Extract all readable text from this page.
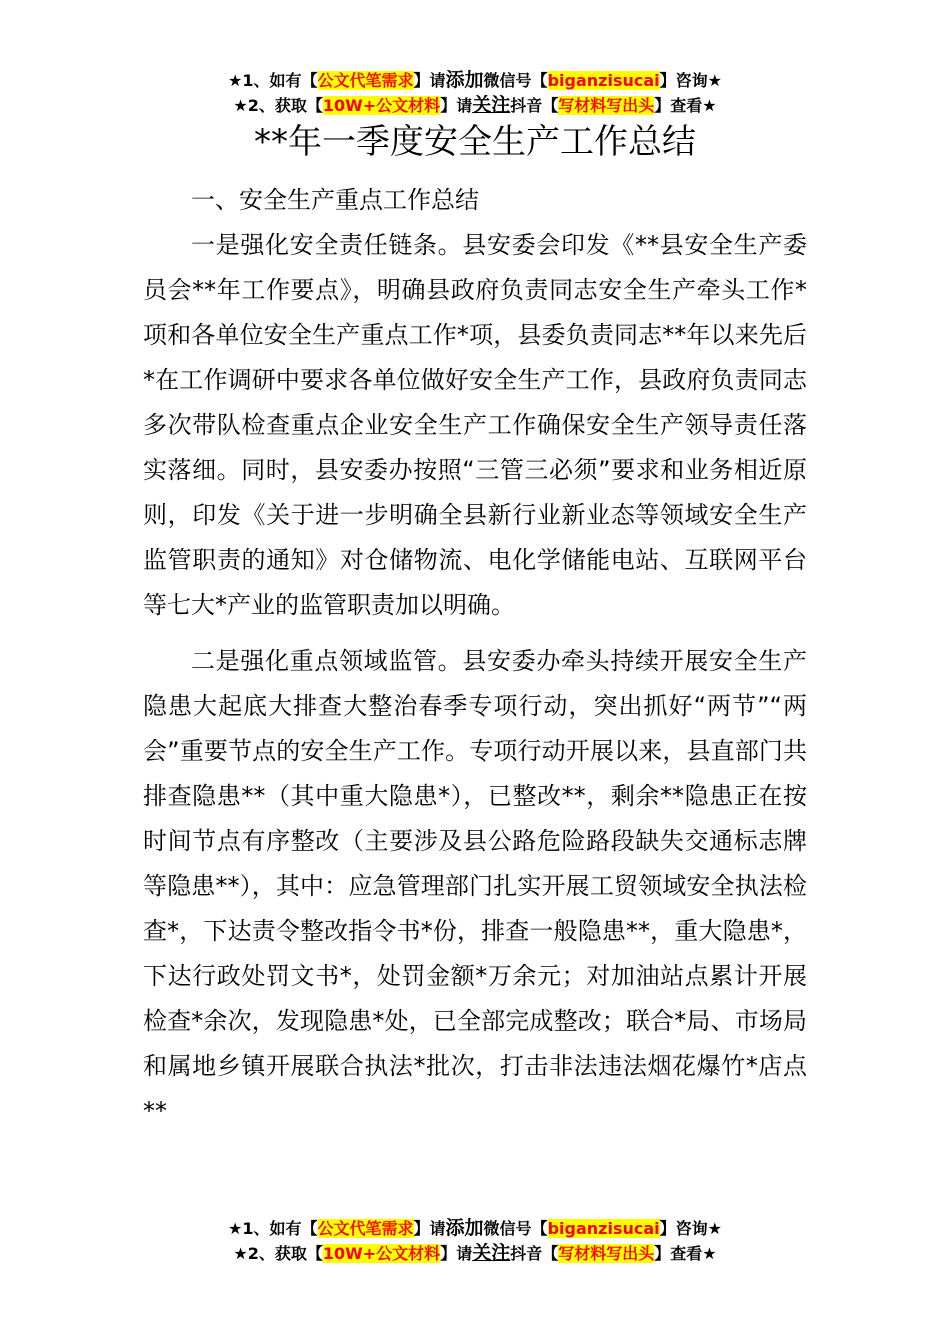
★1、如有【公文代笔需求】请添加微信号【biganzisucai】咨询★
★2、获取【10W+公文材料】请关注抖音【写材料写出头】查看★
**年一季度安全生产工作总结

一、安全生产重点工作总结

一是强化安全责任链条。县安委会印发《**县安全生产委员会**年工作要点》，明确县政府负责同志安全生产牵头工作*项和各单位安全生产重点工作*项，县委负责同志**年以来先后*在工作调研中要求各单位做好安全生产工作，县政府负责同志多次带队检查重点企业安全生产工作确保安全生产领导责任落实落细。同时，县安委办按照“三管三必须”要求和业务相近原则，印发《关于进一步明确全县新行业新业态等领域安全生产监管职责的通知》对仓储物流、电化学储能电站、互联网平台等七大*产业的监管职责加以明确。

二是强化重点领域监管。县安委办牵头持续开展安全生产隐患大起底大排查大整治春季专项行动，突出抓好“两节”“两会”重要节点的安全生产工作。专项行动开展以来，县直部门共排查隐患**（其中重大隐患*），已整改**，剩余**隐患正在按时间节点有序整改（主要涉及县公路危险路段缺失交通标志牌等隐患**），其中：应急管理部门扎实开展工贸领域安全执法检查*，下达责令整改指令书*份，排查一般隐患**，重大隐患*，下达行政处罚文书*，处罚金额*万余元；对加油站点累计开展检查*余次，发现隐患*处，已全部完成整改；联合*局、市场局和属地乡镇开展联合执法*批次，打击非法违法烟花爆竹*店点**

★1、如有【公文代笔需求】请添加微信号【biganzisucai】咨询★
★2、获取【10W+公文材料】请关注抖音【写材料写出头】查看★
